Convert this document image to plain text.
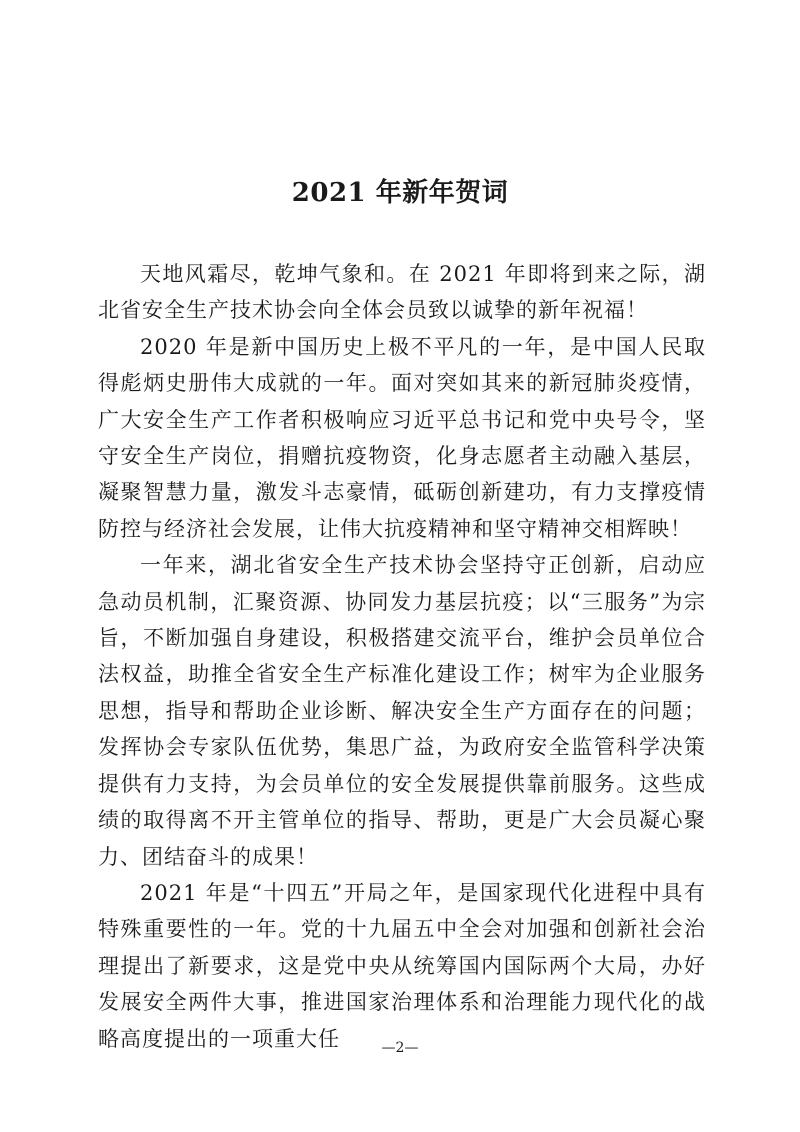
2021 年新年贺词

天地风霜尽，乾坤气象和。在 2021 年即将到来之际，湖北省安全生产技术协会向全体会员致以诚挚的新年祝福！

2020 年是新中国历史上极不平凡的一年，是中国人民取得彪炳史册伟大成就的一年。面对突如其来的新冠肺炎疫情，广大安全生产工作者积极响应习近平总书记和党中央号令，坚守安全生产岗位，捐赠抗疫物资，化身志愿者主动融入基层，凝聚智慧力量，激发斗志豪情，砥砺创新建功，有力支撑疫情防控与经济社会发展，让伟大抗疫精神和坚守精神交相辉映！

一年来，湖北省安全生产技术协会坚持守正创新，启动应急动员机制，汇聚资源、协同发力基层抗疫；以“三服务”为宗旨，不断加强自身建设，积极搭建交流平台，维护会员单位合法权益，助推全省安全生产标准化建设工作；树牢为企业服务思想，指导和帮助企业诊断、解决安全生产方面存在的问题；发挥协会专家队伍优势，集思广益，为政府安全监管科学决策提供有力支持，为会员单位的安全发展提供靠前服务。这些成绩的取得离不开主管单位的指导、帮助，更是广大会员凝心聚力、团结奋斗的成果！

2021 年是“十四五”开局之年，是国家现代化进程中具有特殊重要性的一年。党的十九届五中全会对加强和创新社会治理提出了新要求，这是党中央从统筹国内国际两个大局，办好发展安全两件大事，推进国家治理体系和治理能力现代化的战略高度提出的一项重大任	—2—
